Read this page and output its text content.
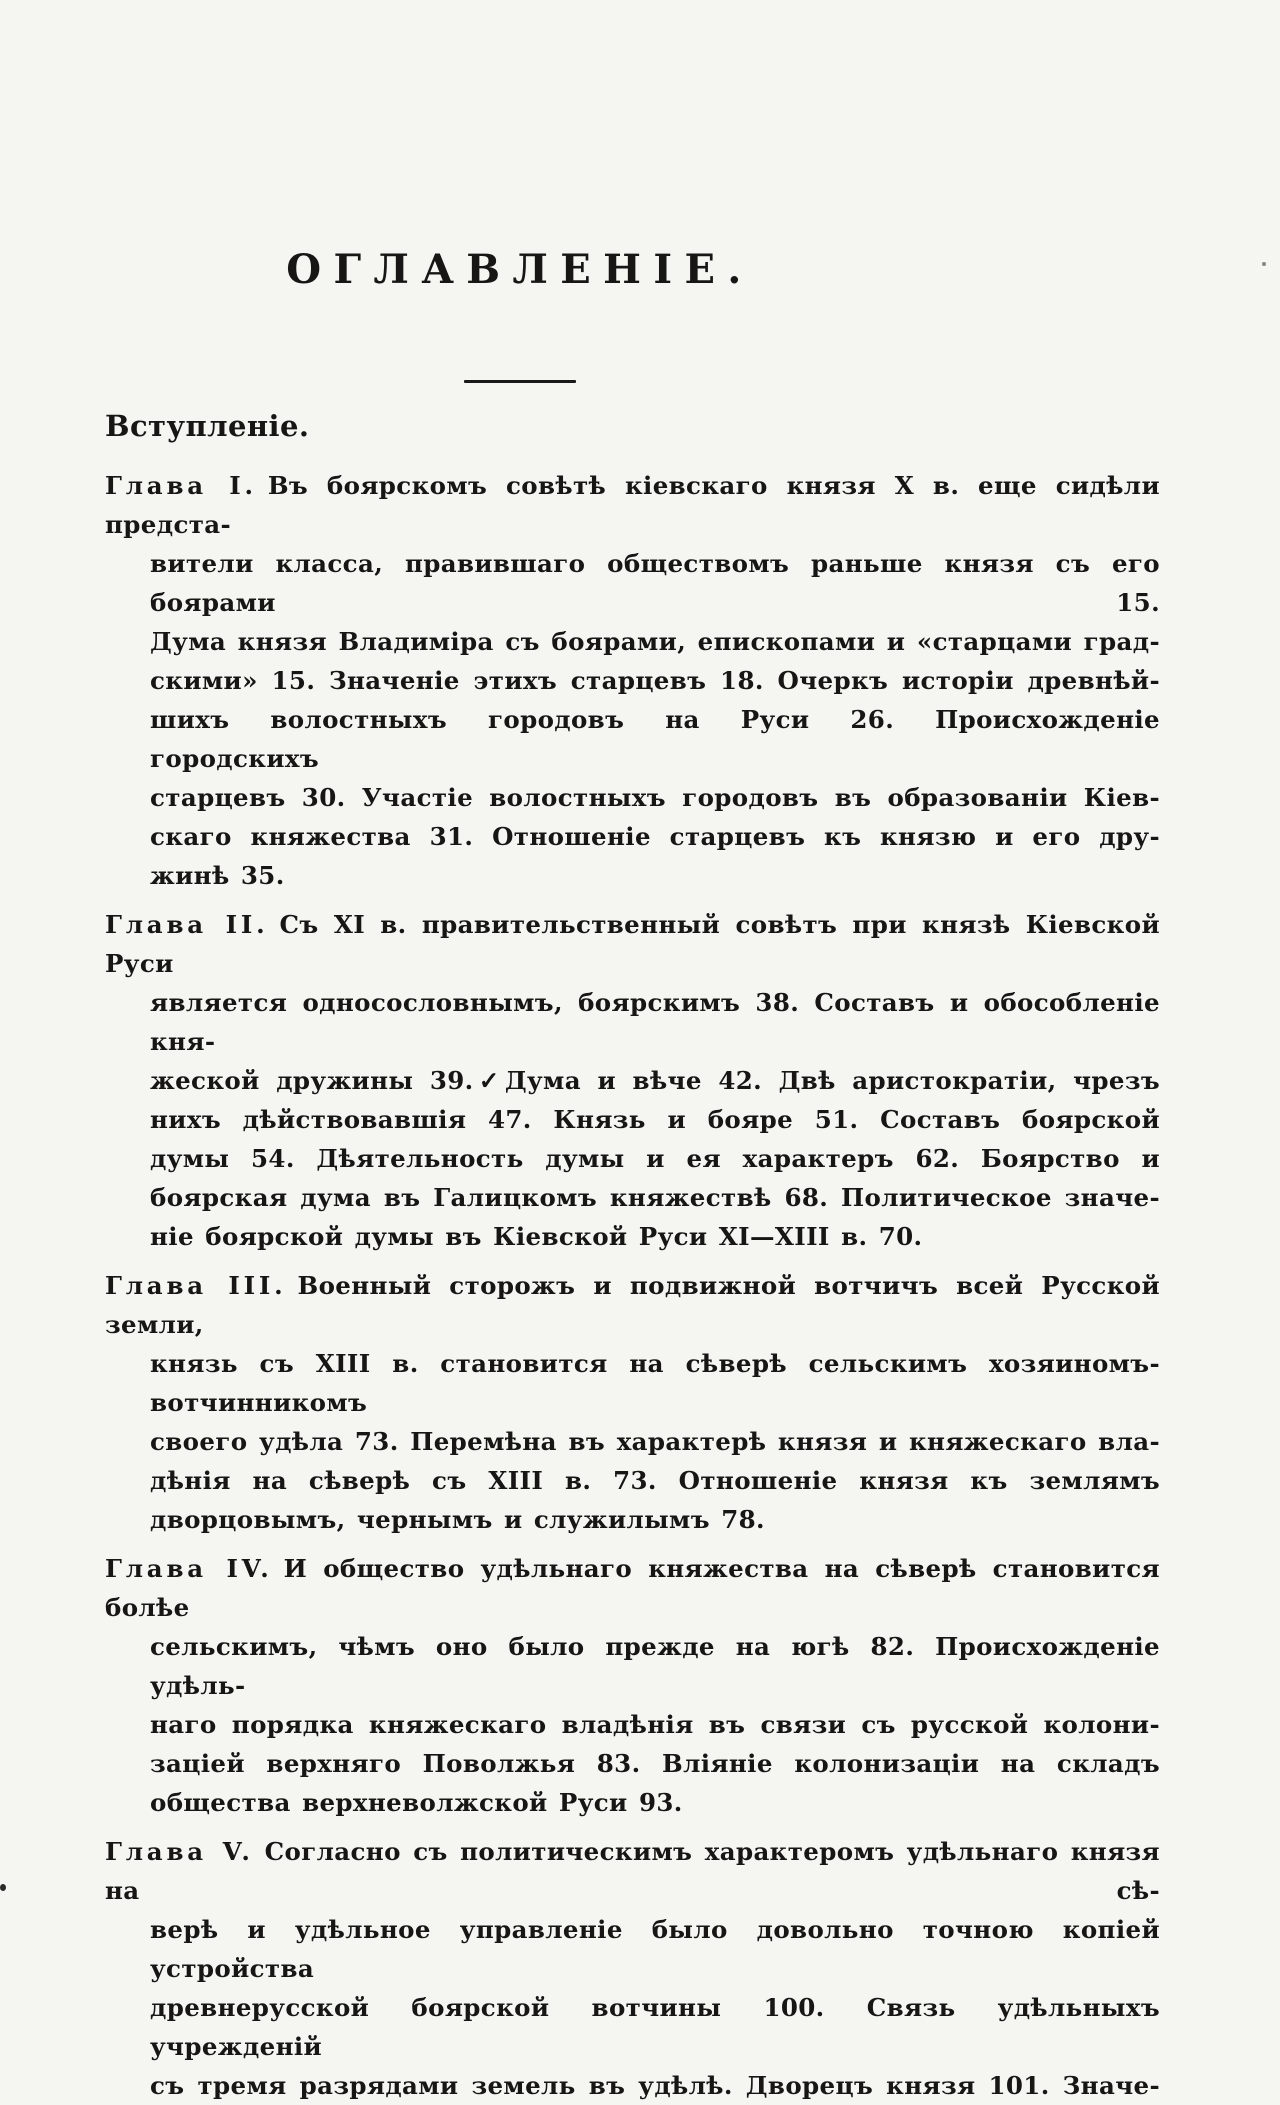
ОГЛАВЛЕНІЕ.
Вступленіе.
Глава I. Въ боярскомъ совѣтѣ кіевскаго князя X в. еще сидѣли предста-
вители класса, правившаго обществомъ раньше князя съ его боярами 15.
Дума князя Владиміра съ боярами, епископами и «старцами град-
скими» 15. Значеніе этихъ старцевъ 18. Очеркъ исторіи древнѣй-
шихъ волостныхъ городовъ на Руси 26. Происхожденіе городскихъ
старцевъ 30. Участіе волостныхъ городовъ въ образованіи Кіев-
скаго княжества 31. Отношеніе старцевъ къ князю и его дру-
жинѣ 35.
Глава II. Съ XI в. правительственный совѣтъ при князѣ Кіевской Руси
является односословнымъ, боярскимъ 38. Составъ и обособленіе кня-
жеской дружины 39.✓Дума и вѣче 42. Двѣ аристократіи, чрезъ
нихъ дѣйствовавшія 47. Князь и бояре 51. Составъ боярской
думы 54. Дѣятельность думы и ея характеръ 62. Боярство и
боярская дума въ Галицкомъ княжествѣ 68. Политическое значе-
ніе боярской думы въ Кіевской Руси XI—XIII в. 70.
Глава III. Военный сторожъ и подвижной вотчичъ всей Русской земли,
князь съ XIII в. становится на сѣверѣ сельскимъ хозяиномъ-вотчинникомъ
своего удѣла 73. Перемѣна въ характерѣ князя и княжескаго вла-
дѣнія на сѣверѣ съ XIII в. 73. Отношеніе князя къ землямъ
дворцовымъ, чернымъ и служилымъ 78.
Глава IV. И общество удѣльнаго княжества на сѣверѣ становится болѣе
сельскимъ, чѣмъ оно было прежде на югѣ 82. Происхожденіе удѣль-
наго порядка княжескаго владѣнія въ связи съ русской колони-
заціей верхняго Поволжья 83. Вліяніе колонизаціи на складъ
общества верхневолжской Руси 93.
Глава V. Согласно съ политическимъ характеромъ удѣльнаго князя на сѣ-
верѣ и удѣльное управленіе было довольно точною копіей устройства
древнерусской боярской вотчины 100. Связь удѣльныхъ учрежденій
съ тремя разрядами земель въ удѣлѣ. Дворецъ князя 101. Значе-
